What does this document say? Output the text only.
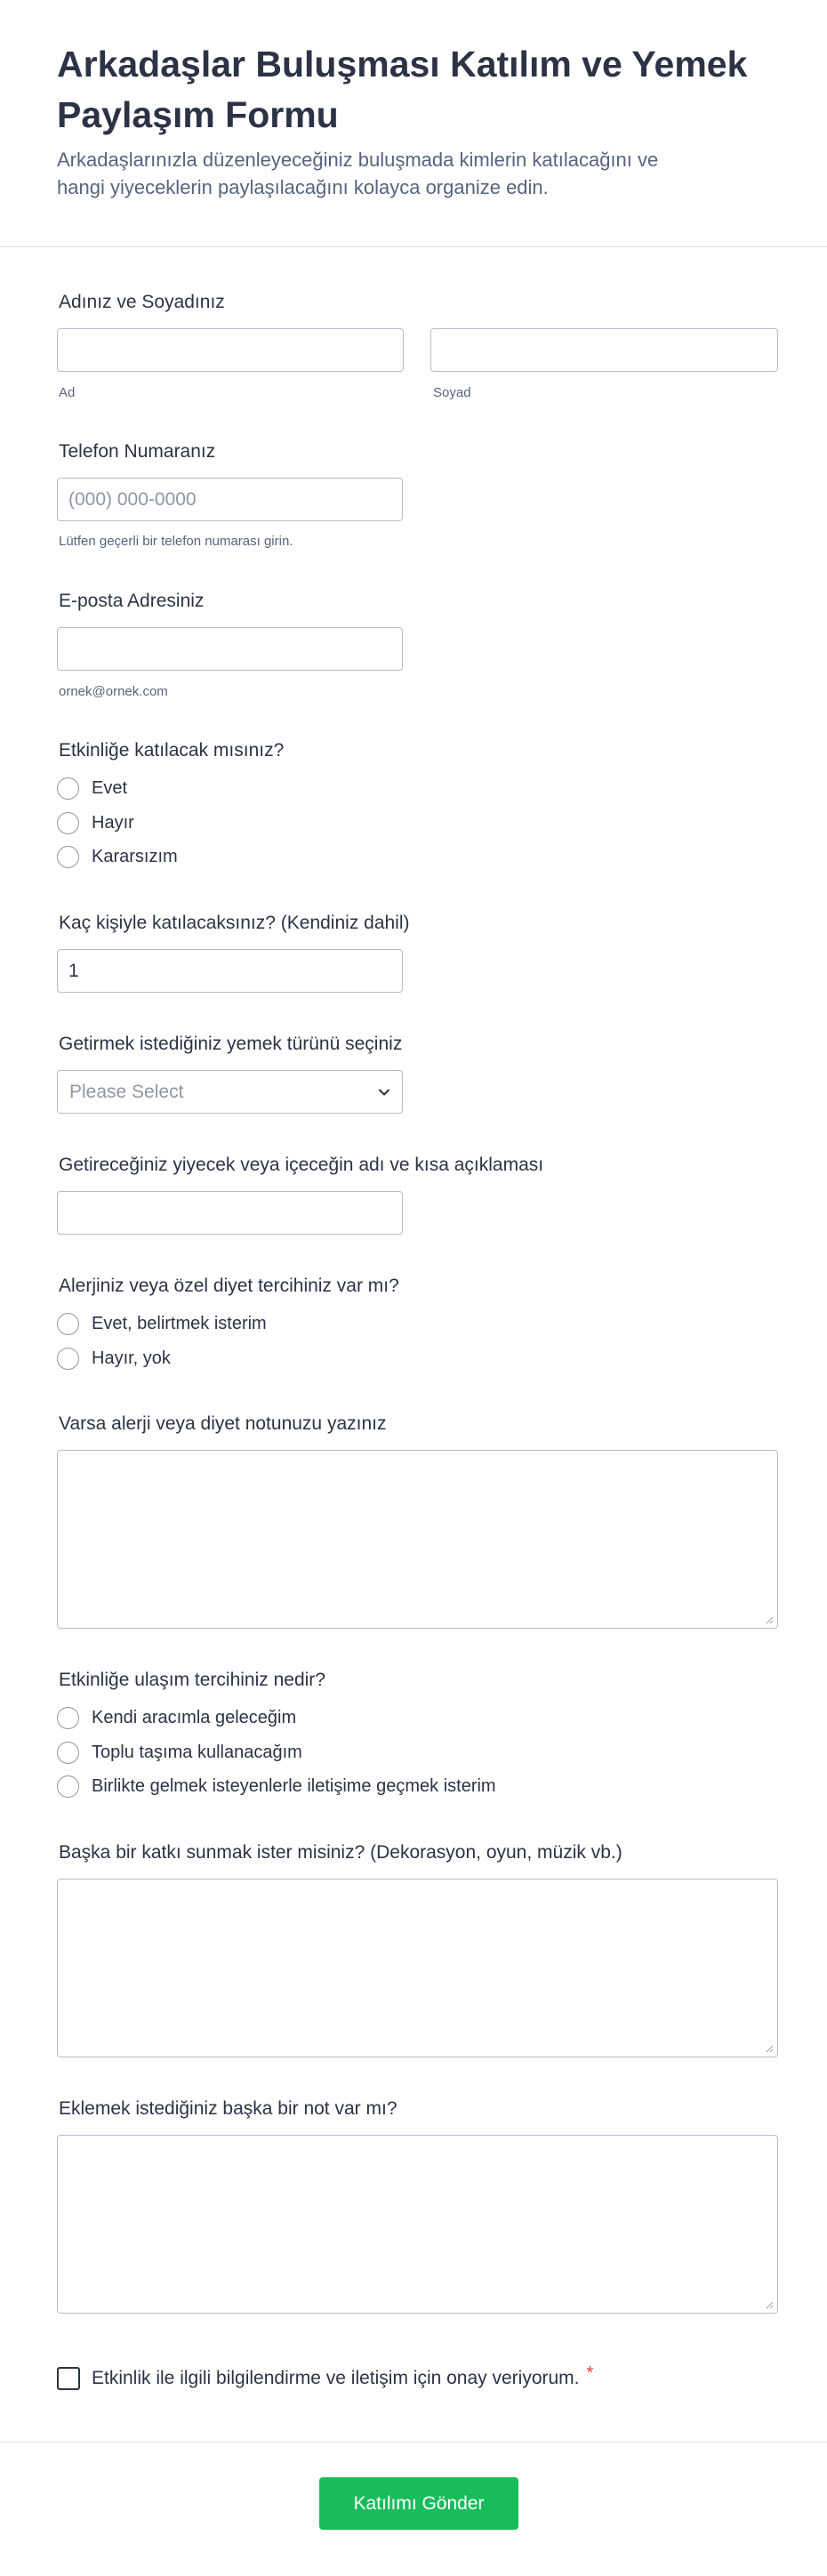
Arkadaşlar Buluşması Katılım ve Yemek Paylaşım Formu

Arkadaşlarınızla düzenleyeceğiniz buluşmada kimlerin katılacağını ve hangi yiyeceklerin paylaşılacağını kolayca organize edin.

Adınız ve Soyadınız
Ad	Soyad
Telefon Numaranız
(000) 000-0000
Lütfen geçerli bir telefon numarası girin.
E-posta Adresiniz
ornek@ornek.com
Etkinliğe katılacak mısınız?
Evet
Hayır
Kararsızım
Kaç kişiyle katılacaksınız? (Kendiniz dahil)
1
Getirmek istediğiniz yemek türünü seçiniz
Please Select
Getireceğiniz yiyecek veya içeceğin adı ve kısa açıklaması
Alerjiniz veya özel diyet tercihiniz var mı?
Evet, belirtmek isterim
Hayır, yok
Varsa alerji veya diyet notunuzu yazınız
Etkinliğe ulaşım tercihiniz nedir?
Kendi aracımla geleceğim
Toplu taşıma kullanacağım
Birlikte gelmek isteyenlerle iletişime geçmek isterim
Başka bir katkı sunmak ister misiniz? (Dekorasyon, oyun, müzik vb.)
Eklemek istediğiniz başka bir not var mı?
Etkinlik ile ilgili bilgilendirme ve iletişim için onay veriyorum. *
Katılımı Gönder
